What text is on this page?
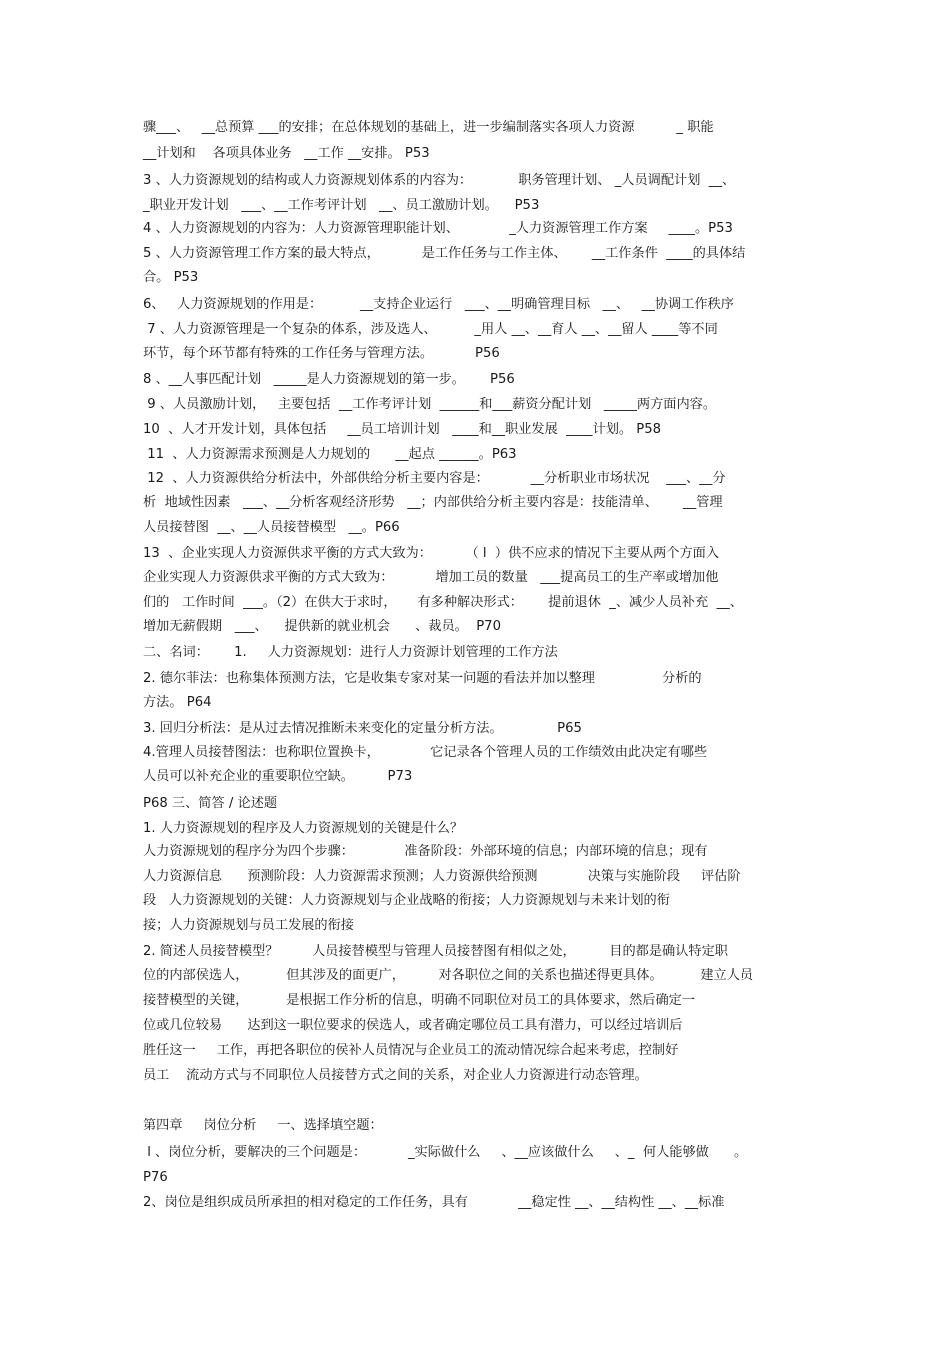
骤___、   __总预算 ___的安排；在总体规划的基础上，进一步编制落实各项人力资源          _ 职能
__计划和    各项具体业务   __工作 __安排。 P53
3 、人力资源规划的结构或人力资源规划体系的内容为：           职务管理计划、 _人员调配计划  __、
_职业开发计划   ___、__工作考评计划   __、员工激励计划。    P53
4 、人力资源规划的内容为：人力资源管理职能计划、            _人力资源管理工作方案     ____。P53
5 、人力资源管理工作方案的最大特点，          是工作任务与工作主体、      __工作条件  ____的具体结
合。 P53
6、   人力资源规划的作用是：         __支持企业运行   ___、__明确管理目标   __、   __协调工作秩序
7 、人力资源管理是一个复杂的体系，涉及选人、         _用人 __、__育人 __、__留人 ____等不同
环节，每个环节都有特殊的工作任务与管理方法。          P56
8 、__人事匹配计划   _____是人力资源规划的第一步。      P56
9 、人员激励计划，   主要包括  __工作考评计划  ______和___薪资分配计划   _____两方面内容。
10  、人才开发计划，具体包括     __员工培训计划   ____和__职业发展  ____计划。 P58
11  、人力资源需求预测是人力规划的      __起点 ______。P63
12  、人力资源供给分析法中，外部供给分析主要内容是：          __分析职业市场状况    ___、__分
析  地域性因素   ___、__分析客观经济形势   __；内部供给分析主要内容是：技能清单、      __管理
人员接替图  __、__人员接替模型   __。P66
13  、企业实现人力资源供求平衡的方式大致为：        （ l  ）供不应求的情况下主要从两个方面入
企业实现人力资源供求平衡的方式大致为：          增加工员的数量   ___提高员工的生产率或增加他
们的   工作时间  ___。（2）在供大于求时，     有多种解决形式：      提前退休  _、减少人员补充  __、
增加无薪假期   ___、    提供新的就业机会      、裁员。  P70
二、名词：      1.     人力资源规划：进行人力资源计划管理的工作方法
2. 德尔菲法：也称集体预测方法，它是收集专家对某一问题的看法并加以整理                分析的
方法。 P64
3. 回归分析法：是从过去情况推断未来变化的定量分析方法。             P65
4.管理人员接替图法：也称职位置换卡，            它记录各个管理人员的工作绩效由此决定有哪些
人员可以补充企业的重要职位空缺。        P73
P68 三、简答 / 论述题
1. 人力资源规划的程序及人力资源规划的关键是什么？
人力资源规划的程序分为四个步骤：            准备阶段：外部环境的信息；内部环境的信息；现有
人力资源信息      预测阶段：人力资源需求预测；人力资源供给预测            决策与实施阶段     评估阶
段   人力资源规划的关键：人力资源规划与企业战略的衔接；人力资源规划与未来计划的衔
接；人力资源规划与员工发展的衔接
2. 简述人员接替模型？        人员接替模型与管理人员接替图有相似之处，        目的都是确认特定职
位的内部侯选人，         但其涉及的面更广，        对各职位之间的关系也描述得更具体。         建立人员
接替模型的关键，         是根据工作分析的信息，明确不同职位对员工的具体要求，然后确定一
位或几位较易      达到这一职位要求的侯选人，或者确定哪位员工具有潜力，可以经过培训后
胜任这一     工作，再把各职位的侯补人员情况与企业员工的流动情况综合起来考虑，控制好
员工    流动方式与不同职位人员接替方式之间的关系，对企业人力资源进行动态管理。
第四章     岗位分析     一、选择填空题：
l 、岗位分析，要解决的三个问题是：          _实际做什么     、__应该做什么     、_  何人能够做      。
P76
2、岗位是组织成员所承担的相对稳定的工作任务，具有            __稳定性 __、__结构性 __、__标准
